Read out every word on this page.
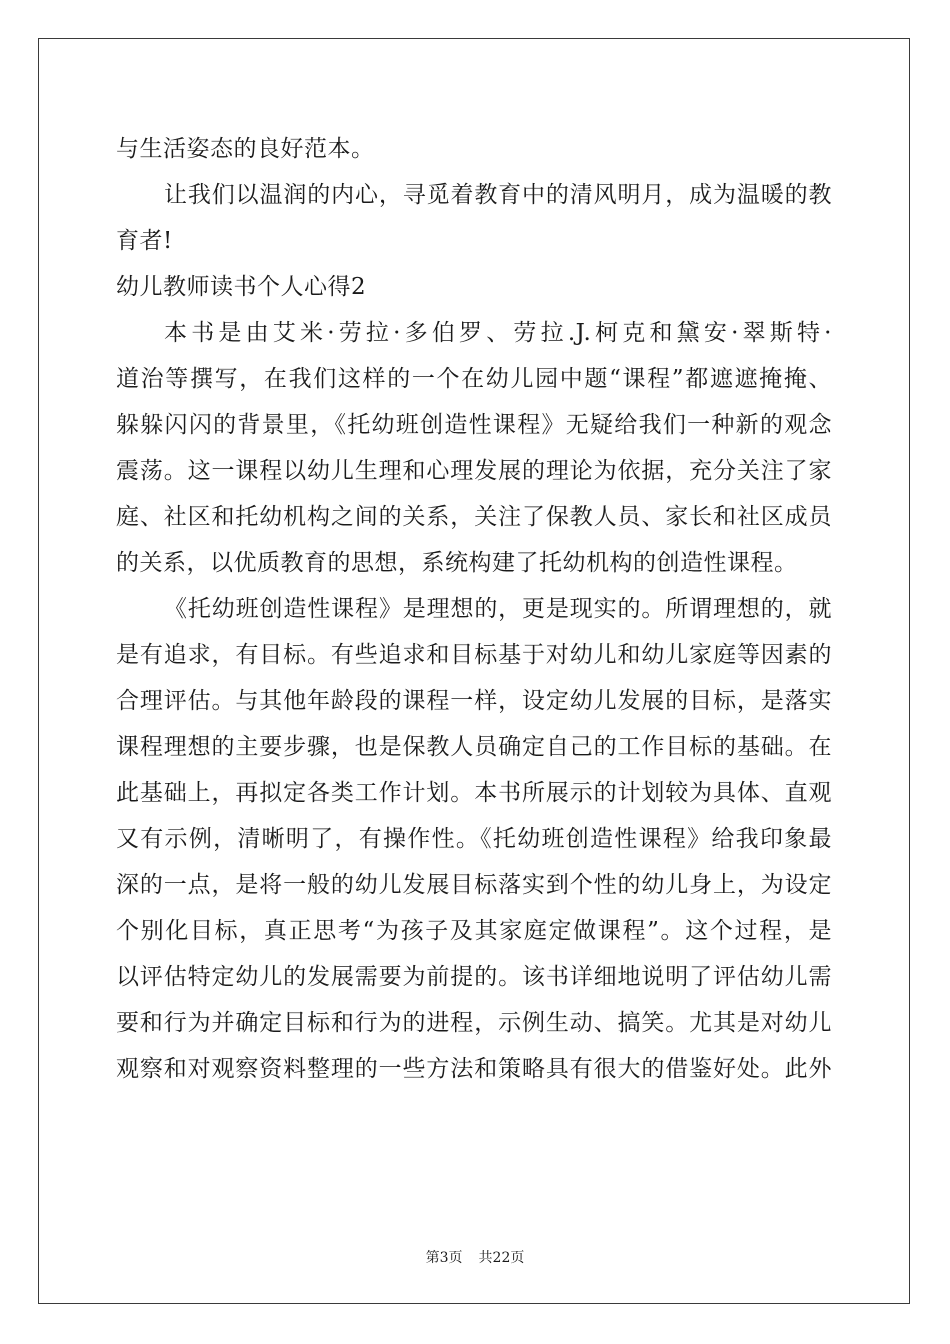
与生活姿态的良好范本。
让我们以温润的内心，寻觅着教育中的清风明月，成为温暖的教
育者!
幼儿教师读书个人心得2
本书是由艾米·劳拉·多伯罗、劳拉.J.柯克和黛安·翠斯特·
道治等撰写，在我们这样的一个在幼儿园中题“课程”都遮遮掩掩、
躲躲闪闪的背景里，《托幼班创造性课程》无疑给我们一种新的观念
震荡。这一课程以幼儿生理和心理发展的理论为依据，充分关注了家
庭、社区和托幼机构之间的关系，关注了保教人员、家长和社区成员
的关系，以优质教育的思想，系统构建了托幼机构的创造性课程。
《托幼班创造性课程》是理想的，更是现实的。所谓理想的，就
是有追求，有目标。有些追求和目标基于对幼儿和幼儿家庭等因素的
合理评估。与其他年龄段的课程一样，设定幼儿发展的目标，是落实
课程理想的主要步骤，也是保教人员确定自己的工作目标的基础。在
此基础上，再拟定各类工作计划。本书所展示的计划较为具体、直观
又有示例，清晰明了，有操作性。《托幼班创造性课程》给我印象最
深的一点，是将一般的幼儿发展目标落实到个性的幼儿身上，为设定
个别化目标，真正思考“为孩子及其家庭定做课程”。这个过程，是
以评估特定幼儿的发展需要为前提的。该书详细地说明了评估幼儿需
要和行为并确定目标和行为的进程，示例生动、搞笑。尤其是对幼儿
观察和对观察资料整理的一些方法和策略具有很大的借鉴好处。此外
第3页 共22页
